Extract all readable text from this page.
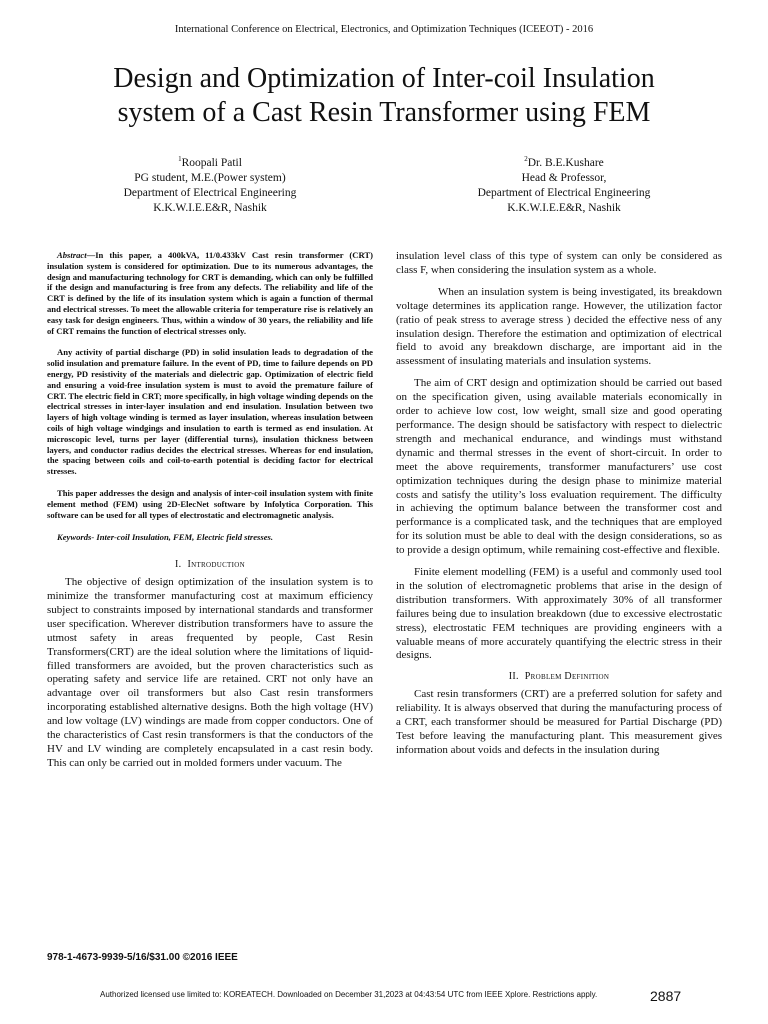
International Conference on Electrical, Electronics, and Optimization Techniques (ICEEOT) - 2016
Design and Optimization of Inter-coil Insulation
system of a Cast Resin Transformer using FEM
$^1$Roopali Patil
PG student, M.E.(Power system)
Department of Electrical Engineering
K.K.W.I.E.E&R, Nashik
$^2$Dr. B.E.Kushare
Head & Professor,
Department of Electrical Engineering
K.K.W.I.E.E&R, Nashik

Abstract—In this paper, a 400kVA, 11/0.433kV Cast resin transformer (CRT) insulation system is considered for optimization. Due to its numerous advantages, the design and manufacturing technology for CRT is demanding, which can only be fulfilled if the design and manufacturing is free from any defects. The reliability and life of the CRT is defined by the life of its insulation system which is again a function of thermal and electrical stresses. To meet the allowable criteria for temperature rise is relatively an easy task for design engineers. Thus, within a window of 30 years, the reliability and life of CRT remains the function of electrical stresses only.

Any activity of partial discharge (PD) in solid insulation leads to degradation of the solid insulation and premature failure. In the event of PD, time to failure depends on PD energy, PD resistivity of the materials and dielectric gap. Optimization of electric field and ensuring a void-free insulation system is must to avoid the premature failure of CRT. The electric field in CRT; more specifically, in high voltage winding depends on the electrical stresses in inter-layer insulation and end insulation. Insulation between two layers of high voltage winding is termed as layer insulation, whereas insulation between coils of high voltage windgings and insulation to earth is termed as end insulation. At microscopic level, turns per layer (differential turns), insulation thickness between layers, and conductor radius decides the electrical stresses. Whereas for end insulation, the spacing between coils and coil-to-earth potential is deciding factor for electrical stresses.

This paper addresses the design and analysis of inter-coil insulation system with finite element method (FEM) using 2D-ElecNet software by Infolytica Corporation. This software can be used for all types of electrostatic and electromagnetic analysis.

Keywords- Inter-coil Insulation, FEM, Electric field stresses.

I. Introduction

The objective of design optimization of the insulation system is to minimize the transformer manufacturing cost at maximum efficiency subject to constraints imposed by international standards and transformer user specification. Wherever distribution transformers have to assure the utmost safety in areas frequented by people, Cast Resin Transformers(CRT) are the ideal solution where the limitations of liquid-filled transformers are avoided, but the proven characteristics such as operating safety and service life are retained. CRT not only have an advantage over oil transformers but also Cast resin transformers incorporating established alternative designs. Both the high voltage (HV) and low voltage (LV) windings are made from copper conductors. One of the characteristics of Cast resin transformers is that the conductors of the HV and LV winding are completely encapsulated in a cast resin body. This can only be carried out in molded formers under vacuum. The

insulation level class of this type of system can only be considered as class F, when considering the insulation system as a whole.

When an insulation system is being investigated, its breakdown voltage determines its application range. However, the utilization factor (ratio of peak stress to average stress ) decided the effective ness of any insulation design. Therefore the estimation and optimization of electrical field to avoid any breakdown discharge, are important aid in the assessment of insulating materials and insulation systems.

The aim of CRT design and optimization should be carried out based on the specification given, using available materials economically in order to achieve low cost, low weight, small size and good operating performance. The design should be satisfactory with respect to dielectric strength and mechanical endurance, and windings must withstand dynamic and thermal stresses in the event of short-circuit. In order to meet the above requirements, transformer manufacturers’ use cost optimization techniques during the design phase to minimize material costs and satisfy the utility’s loss evaluation requirement. The difficulty in achieving the optimum balance between the transformer cost and performance is a complicated task, and the techniques that are employed for its solution must be able to deal with the design considerations, so as to provide a design optimum, while remaining cost-effective and flexible.

Finite element modelling (FEM) is a useful and commonly used tool in the solution of electromagnetic problems that arise in the design of distribution transformers. With approximately 30% of all transformer failures being due to insulation breakdown (due to excessive electrostatic stress), electrostatic FEM techniques are providing engineers with a valuable means of more accurately quantifying the electric stress in their designs.

II. Problem Definition

Cast resin transformers (CRT) are a preferred solution for safety and reliability. It is always observed that during the manufacturing process of a CRT, each transformer should be measured for Partial Discharge (PD) Test before leaving the manufacturing plant. This measurement gives information about voids and defects in the insulation during

978-1-4673-9939-5/16/$31.00 ©2016 IEEE
Authorized licensed use limited to: KOREATECH. Downloaded on December 31,2023 at 04:43:54 UTC from IEEE Xplore. Restrictions apply.	2887
